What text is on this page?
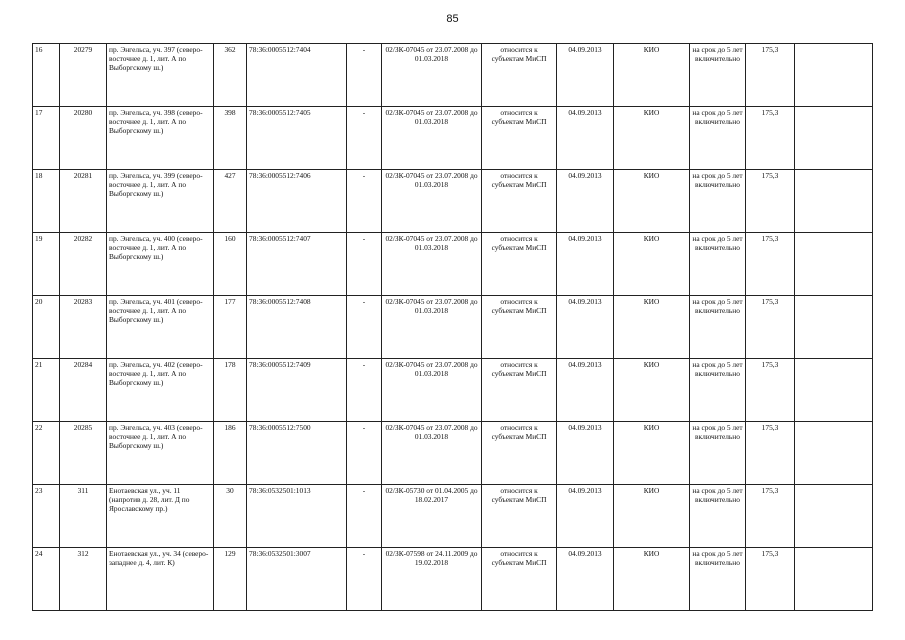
85
16	20279	пр. Энгельса, уч. 397 (северо-восточнее д. 1, лит. А по Выборгскому ш.)	362	78:36:0005512:7404	-	02/ЗК-07045 от 23.07.2008 до 01.03.2018	относится к субъектам МиСП	04.09.2013	КИО	на срок до 5 лет включительно	175,3	
17	20280	пр. Энгельса, уч. 398 (северо-восточнее д. 1, лит. А по Выборгскому ш.)	398	78:36:0005512:7405	-	02/ЗК-07045 от 23.07.2008 до 01.03.2018	относится к субъектам МиСП	04.09.2013	КИО	на срок до 5 лет включительно	175,3	
18	20281	пр. Энгельса, уч. 399 (северо-восточнее д. 1, лит. А по Выборгскому ш.)	427	78:36:0005512:7406	-	02/ЗК-07045 от 23.07.2008 до 01.03.2018	относится к субъектам МиСП	04.09.2013	КИО	на срок до 5 лет включительно	175,3	
19	20282	пр. Энгельса, уч. 400 (северо-восточнее д. 1, лит. А по Выборгскому ш.)	160	78:36:0005512:7407	-	02/ЗК-07045 от 23.07.2008 до 01.03.2018	относится к субъектам МиСП	04.09.2013	КИО	на срок до 5 лет включительно	175,3	
20	20283	пр. Энгельса, уч. 401 (северо-восточнее д. 1, лит. А по Выборгскому ш.)	177	78:36:0005512:7408	-	02/ЗК-07045 от 23.07.2008 до 01.03.2018	относится к субъектам МиСП	04.09.2013	КИО	на срок до 5 лет включительно	175,3	
21	20284	пр. Энгельса, уч. 402 (северо-восточнее д. 1, лит. А по Выборгскому ш.)	178	78:36:0005512:7409	-	02/ЗК-07045 от 23.07.2008 до 01.03.2018	относится к субъектам МиСП	04.09.2013	КИО	на срок до 5 лет включительно	175,3	
22	20285	пр. Энгельса, уч. 403 (северо-восточнее д. 1, лит. А по Выборгскому ш.)	186	78:36:0005512:7500	-	02/ЗК-07045 от 23.07.2008 до 01.03.2018	относится к субъектам МиСП	04.09.2013	КИО	на срок до 5 лет включительно	175,3	
23	311	Енотаевская ул., уч. 11 (напротив д. 28, лит. Д по Ярославскому пр.)	30	78:36:0532501:1013	-	02/ЗК-05730 от 01.04.2005 до 18.02.2017	относится к субъектам МиСП	04.09.2013	КИО	на срок до 5 лет включительно	175,3	
24	312	Енотаевская ул., уч. 34 (северо-западнее д. 4, лит. К)	129	78:36:0532501:3007	-	02/ЗК-07598 от 24.11.2009 до 19.02.2018	относится к субъектам МиСП	04.09.2013	КИО	на срок до 5 лет включительно	175,3	
